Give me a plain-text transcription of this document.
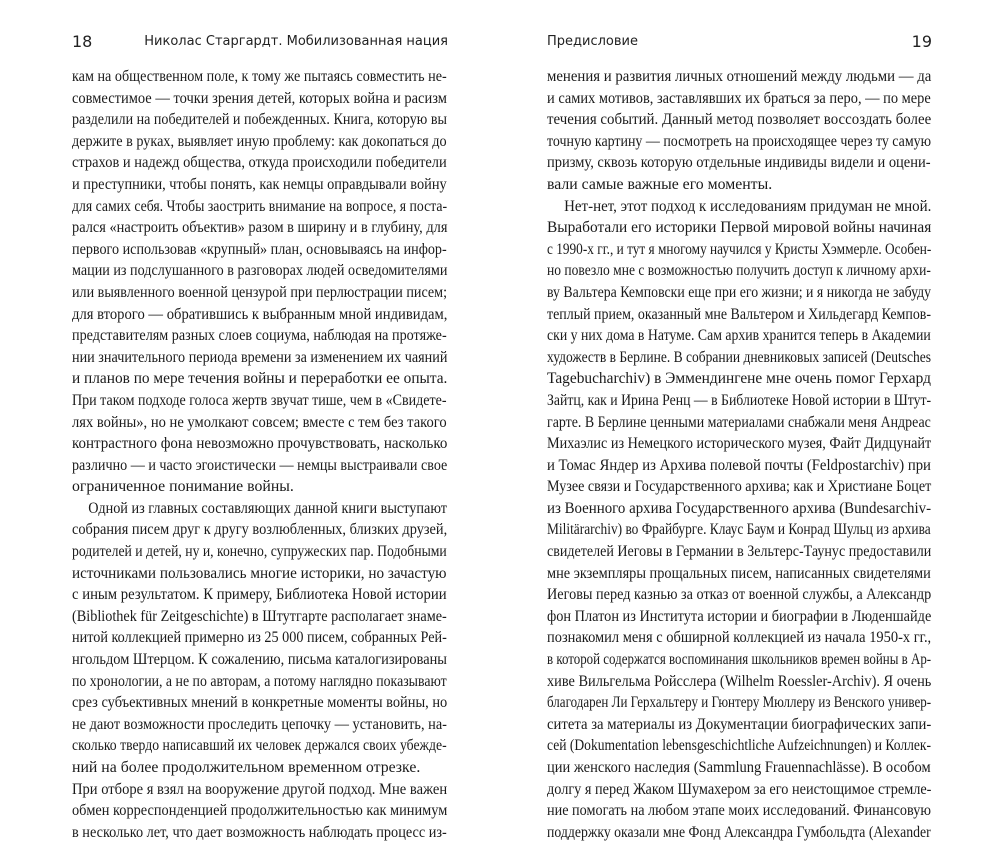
18	Николас Старгардт. Мобилизованная нация
кам на общественном поле, к тому же пытаясь совместить не-
совместимое — точки зрения детей, которых война и расизм
разделили на победителей и побежденных. Книга, которую вы
держите в руках, выявляет иную проблему: как докопаться до
страхов и надежд общества, откуда происходили победители
и преступники, чтобы понять, как немцы оправдывали войну
для самих себя. Чтобы заострить внимание на вопросе, я поста-
рался «настроить объектив» разом в ширину и в глубину, для
первого использовав «крупный» план, основываясь на инфор-
мации из подслушанного в разговорах людей осведомителями
или выявленного военной цензурой при перлюстрации писем;
для второго — обратившись к выбранным мной индивидам,
представителям разных слоев социума, наблюдая на протяже-
нии значительного периода времени за изменением их чаяний
и планов по мере течения войны и переработки ее опыта.
При таком подходе голоса жертв звучат тише, чем в «Свидете-
лях войны», но не умолкают совсем; вместе с тем без такого
контрастного фона невозможно прочувствовать, насколько
различно — и часто эгоистически — немцы выстраивали свое
ограниченное понимание войны.
Одной из главных составляющих данной книги выступают
собрания писем друг к другу возлюбленных, близких друзей,
родителей и детей, ну и, конечно, супружеских пар. Подобными
источниками пользовались многие историки, но зачастую
с иным результатом. К примеру, Библиотека Новой истории
(Bibliothek für Zeitgeschichte) в Штутгарте располагает знаме-
нитой коллекцией примерно из 25 000 писем, собранных Рей-
нгольдом Штерцом. К сожалению, письма каталогизированы
по хронологии, а не по авторам, а потому наглядно показывают
срез субъективных мнений в конкретные моменты войны, но
не дают возможности проследить цепочку — установить, на-
сколько твердо написавший их человек держался своих убежде-
ний на более продолжительном временном отрезке.
При отборе я взял на вооружение другой подход. Мне важен
обмен корреспонденцией продолжительностью как минимум
в несколько лет, что дает возможность наблюдать процесс из-
Предисловие	19
менения и развития личных отношений между людьми — да
и самих мотивов, заставлявших их браться за перо, — по мере
течения событий. Данный метод позволяет воссоздать более
точную картину — посмотреть на происходящее через ту самую
призму, сквозь которую отдельные индивиды видели и оцени-
вали самые важные его моменты.
Нет-нет, этот подход к исследованиям придуман не мной.
Выработали его историки Первой мировой войны начиная
с 1990-х гг., и тут я многому научился у Кристы Хэммерле. Особен-
но повезло мне с возможностью получить доступ к личному архи-
ву Вальтера Кемповски еще при его жизни; и я никогда не забуду
теплый прием, оказанный мне Вальтером и Хильдегард Кемпов-
ски у них дома в Натуме. Сам архив хранится теперь в Академии
художеств в Берлине. В собрании дневниковых записей (Deutsches
Tagebucharchiv) в Эммендингене мне очень помог Герхард
Зайтц, как и Ирина Ренц — в Библиотеке Новой истории в Штут-
гарте. В Берлине ценными материалами снабжали меня Андреас
Михаэлис из Немецкого исторического музея, Файт Дидцунайт
и Томас Яндер из Архива полевой почты (Feldpostarchiv) при
Музее связи и Государственного архива; как и Христиане Боцет
из Военного архива Государственного архива (Bundesarchiv-
Militärarchiv) во Фрайбурге. Клаус Баум и Конрад Шульц из архива
свидетелей Иеговы в Германии в Зельтерс-Таунус предоставили
мне экземпляры прощальных писем, написанных свидетелями
Иеговы перед казнью за отказ от военной службы, а Александр
фон Платон из Института истории и биографии в Люденшайде
познакомил меня с обширной коллекцией из начала 1950-х гг.,
в которой содержатся воспоминания школьников времен войны в Ар-
хиве Вильгельма Ройсслера (Wilhelm Roessler-Archiv). Я очень
благодарен Ли Герхальтеру и Гюнтеру Мюллеру из Венского универ-
ситета за материалы из Документации биографических запи-
сей (Dokumentation lebensgeschichtliche Aufzeichnungen) и Коллек-
ции женского наследия (Sammlung Frauennachlässe). В особом
долгу я перед Жаком Шумахером за его неистощимое стремле-
ние помогать на любом этапе моих исследований. Финансовую
поддержку оказали мне Фонд Александра Гумбольдта (Alexander
